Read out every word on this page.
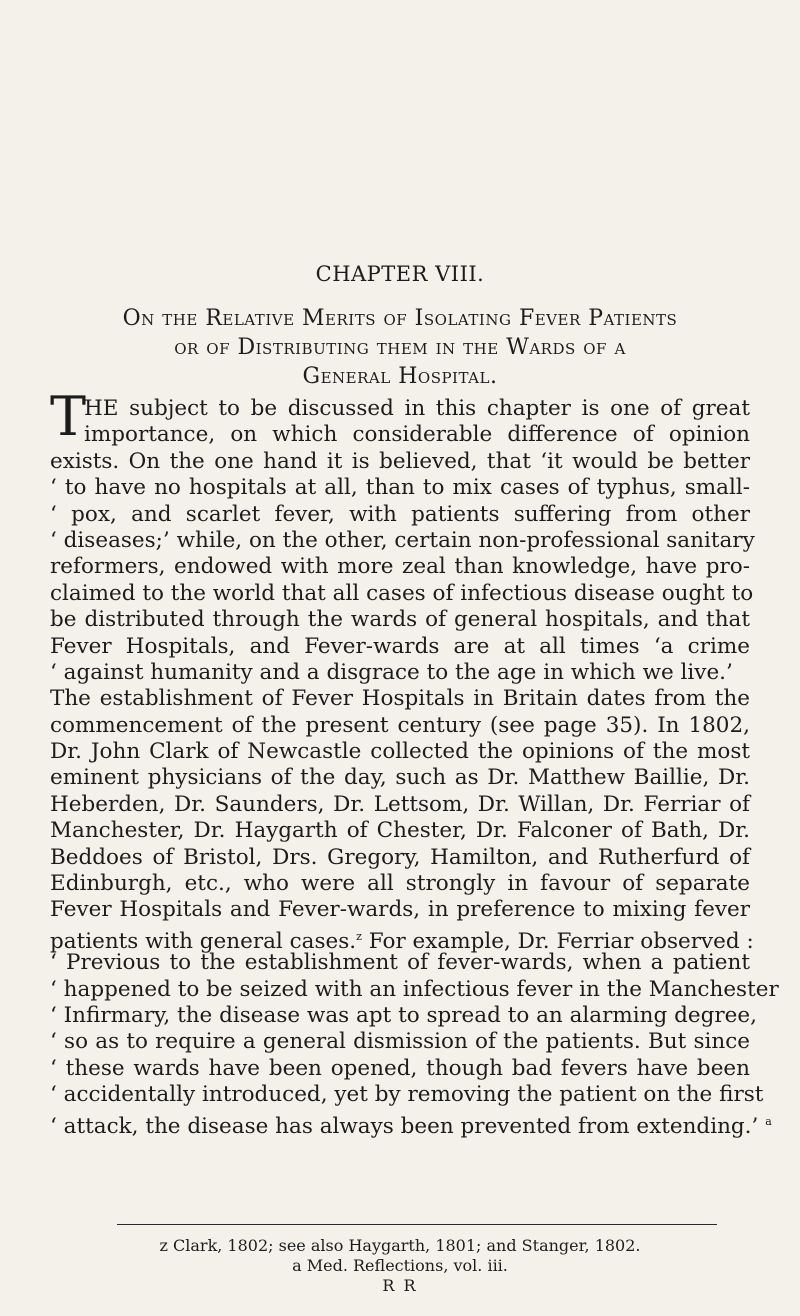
CHAPTER VIII.
On the Relative Merits of Isolating Fever Patients
or of Distributing them in the Wards of a
General Hospital.
T
HE subject to be discussed in this chapter is one of great
importance, on which considerable difference of opinion
exists. On the one hand it is believed, that ‘it would be better
‘ to have no hospitals at all, than to mix cases of typhus, small-
‘ pox, and scarlet fever, with patients suffering from other
‘ diseases;’ while, on the other, certain non-professional sanitary
reformers, endowed with more zeal than knowledge, have pro-
claimed to the world that all cases of infectious disease ought to
be distributed through the wards of general hospitals, and that
Fever Hospitals, and Fever-wards are at all times ‘a crime
‘ against humanity and a disgrace to the age in which we live.’
The establishment of Fever Hospitals in Britain dates from the
commencement of the present century (see page 35). In 1802,
Dr. John Clark of Newcastle collected the opinions of the most
eminent physicians of the day, such as Dr. Matthew Baillie, Dr.
Heberden, Dr. Saunders, Dr. Lettsom, Dr. Willan, Dr. Ferriar of
Manchester, Dr. Haygarth of Chester, Dr. Falconer of Bath, Dr.
Beddoes of Bristol, Drs. Gregory, Hamilton, and Rutherfurd of
Edinburgh, etc., who were all strongly in favour of separate
Fever Hospitals and Fever-wards, in preference to mixing fever
patients with general cases.$^z$ For example, Dr. Ferriar observed :
‘ Previous to the establishment of fever-wards, when a patient
‘ happened to be seized with an infectious fever in the Manchester
‘ Infirmary, the disease was apt to spread to an alarming degree,
‘ so as to require a general dismission of the patients. But since
‘ these wards have been opened, though bad fevers have been
‘ accidentally introduced, yet by removing the patient on the first
‘ attack, the disease has always been prevented from extending.’ $^a$
z Clark, 1802; see also Haygarth, 1801; and Stanger, 1802.
a Med. Reflections, vol. iii.
R R
